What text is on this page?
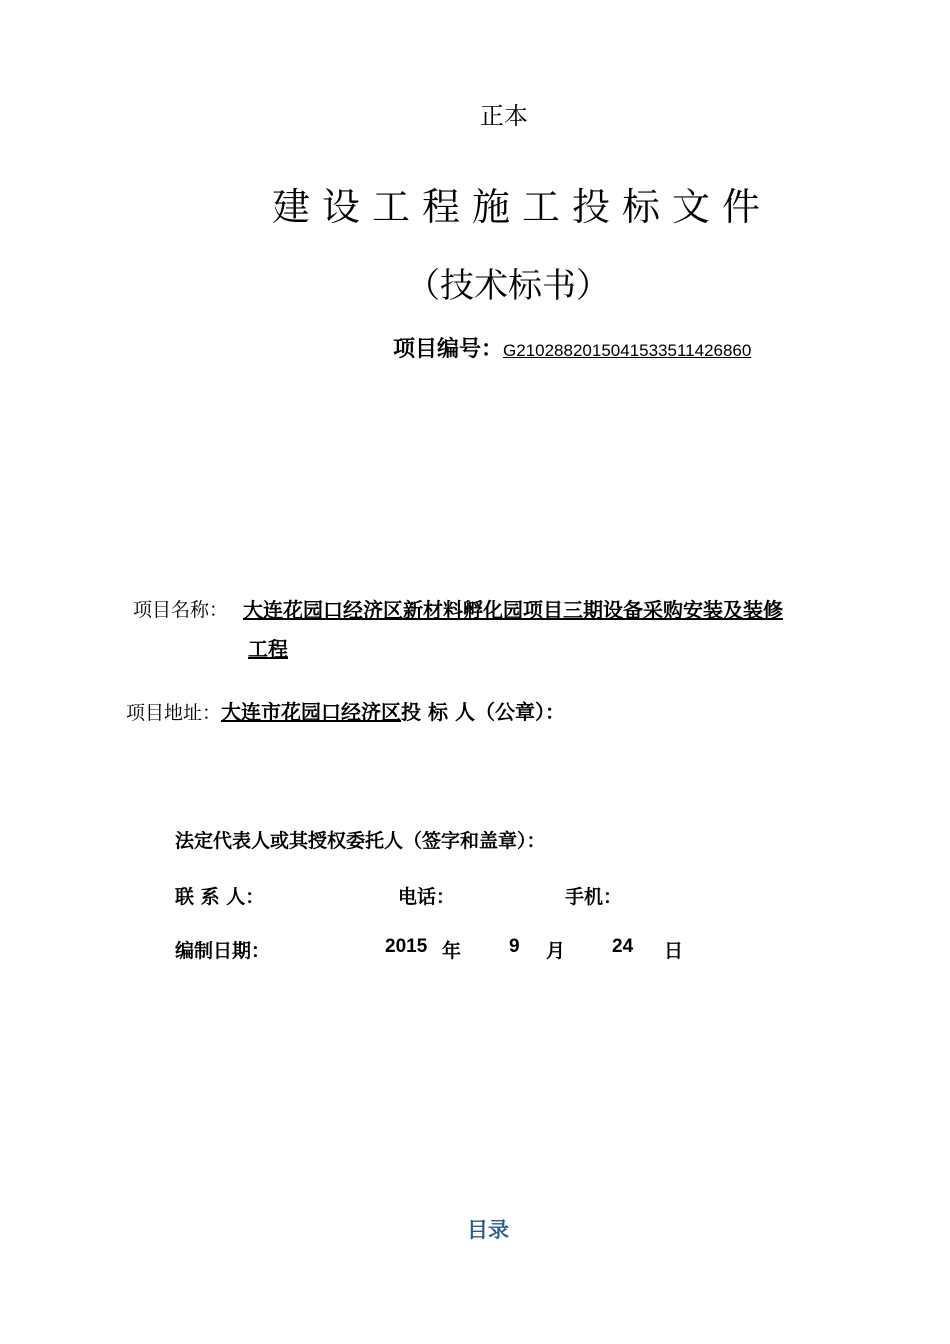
正本
建设工程施工投标文件
（技术标书）
项目编号：G2102882015041533511426860
项目名称： 大连花园口经济区新材料孵化园项目三期设备采购安装及装修
工程
项目地址：大连市花园口经济区投 标 人（公章）：
法定代表人或其授权委托人（签字和盖章）：
联 系 人：	电话：	手机：
编制日期：	2015 年	9 月 24 日
目录
